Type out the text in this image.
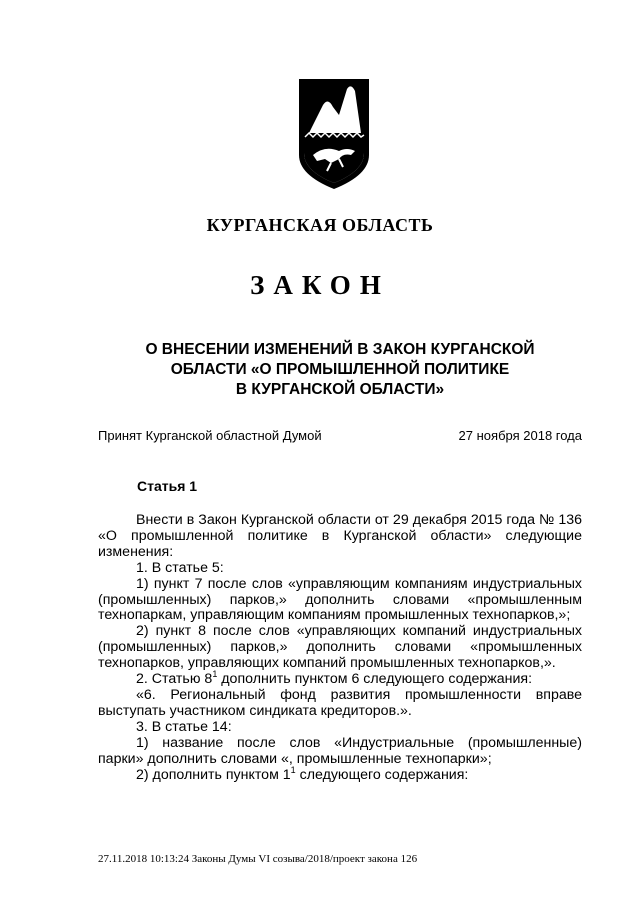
КУРГАНСКАЯ ОБЛАСТЬ
ЗАКОН
О ВНЕСЕНИИ ИЗМЕНЕНИЙ В ЗАКОН КУРГАНСКОЙ
ОБЛАСТИ «О ПРОМЫШЛЕННОЙ ПОЛИТИКЕ
В КУРГАНСКОЙ ОБЛАСТИ»
Принят Курганской областной Думой	27 ноября 2018 года
Статья 1

Внести в Закон Курганской области от 29 декабря 2015 года № 136 «О промышленной политике в Курганской области» следующие изменения:

1. В статье 5:

1) пункт 7 после слов «управляющим компаниям индустриальных (промышленных) парков,» дополнить словами «промышленным технопаркам, управляющим компаниям промышленных технопарков,»;

2) пункт 8 после слов «управляющих компаний индустриальных (промышленных) парков,» дополнить словами «промышленных технопарков, управляющих компаний промышленных технопарков,».

2. Статью $8^1$ дополнить пунктом 6 следующего содержания:

«6. Региональный фонд развития промышленности вправе выступать участником синдиката кредиторов.».

3. В статье 14:

1) название после слов «Индустриальные (промышленные) парки» дополнить словами «, промышленные технопарки»;

2) дополнить пунктом $1^1$ следующего содержания:

27.11.2018 10:13:24 Законы Думы VI созыва/2018/проект закона 126
